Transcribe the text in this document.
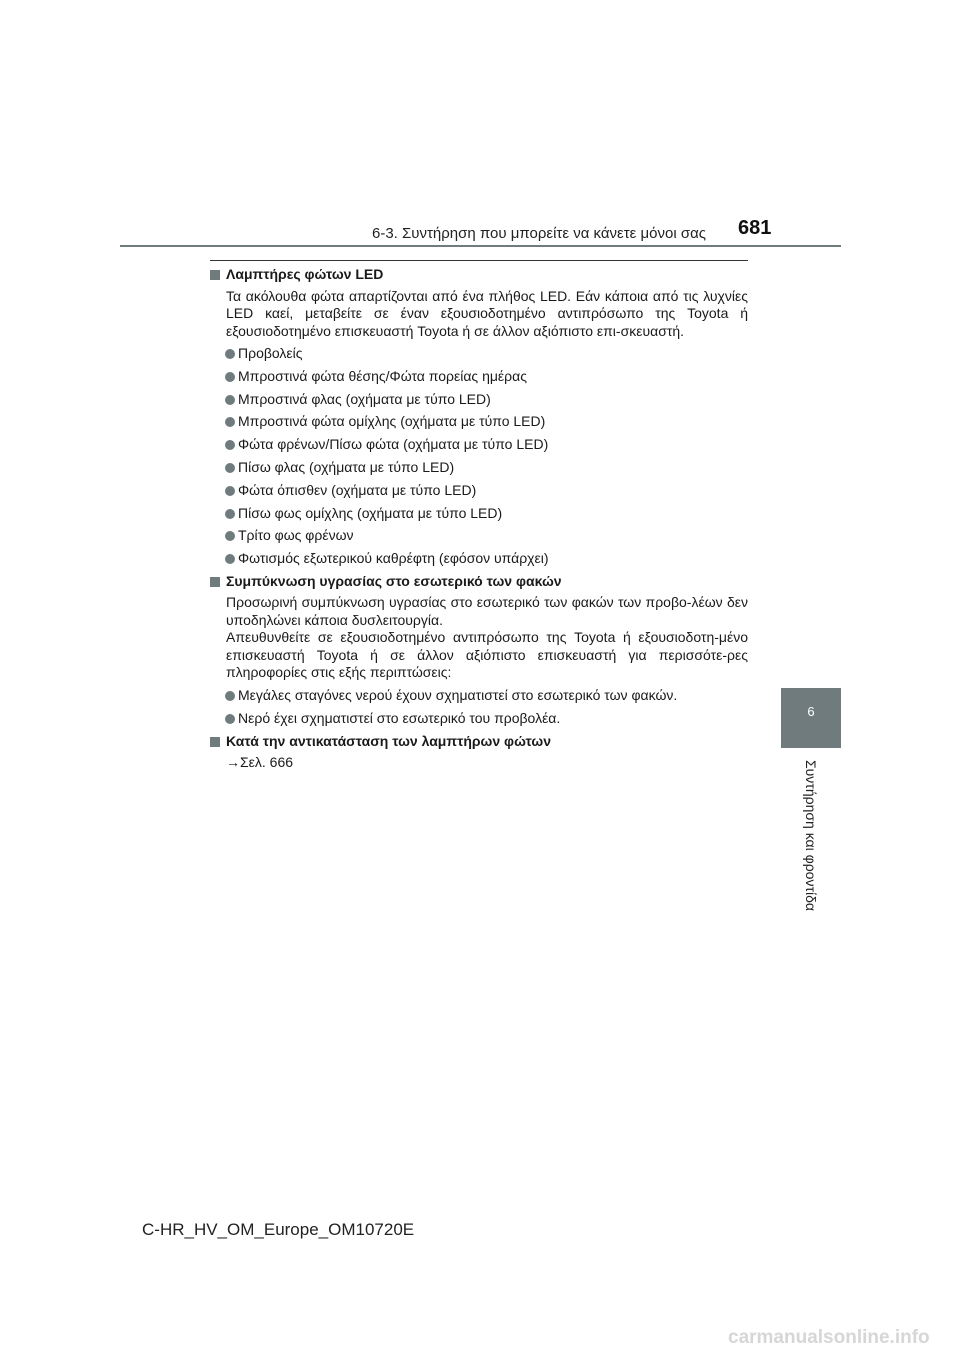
6-3. Συντήρηση που μπορείτε να κάνετε μόνοι σας 681
6
Συντήρηση και φροντίδα
Λαμπτήρες φώτων LED
Τα ακόλουθα φώτα απαρτίζονται από ένα πλήθος LED. Εάν κάποια από τις λυχνίες LED καεί, μεταβείτε σε έναν εξουσιοδοτημένο αντιπρόσωπο της Toyota ή εξουσιοδοτημένο επισκευαστή Toyota ή σε άλλον αξιόπιστο επι-σκευαστή.
Προβολείς
Μπροστινά φώτα θέσης/Φώτα πορείας ημέρας
Μπροστινά φλας (οχήματα με τύπο LED)
Μπροστινά φώτα ομίχλης (οχήματα με τύπο LED)
Φώτα φρένων/Πίσω φώτα (οχήματα με τύπο LED)
Πίσω φλας (οχήματα με τύπο LED)
Φώτα όπισθεν (οχήματα με τύπο LED)
Πίσω φως ομίχλης (οχήματα με τύπο LED)
Τρίτο φως φρένων
Φωτισμός εξωτερικού καθρέφτη (εφόσον υπάρχει)
Συμπύκνωση υγρασίας στο εσωτερικό των φακών
Προσωρινή συμπύκνωση υγρασίας στο εσωτερικό των φακών των προβο-λέων δεν υποδηλώνει κάποια δυσλειτουργία.
Απευθυνθείτε σε εξουσιοδοτημένο αντιπρόσωπο της Toyota ή εξουσιοδοτη-μένο επισκευαστή Toyota ή σε άλλον αξιόπιστο επισκευαστή για περισσότε-ρες πληροφορίες στις εξής περιπτώσεις:
Μεγάλες σταγόνες νερού έχουν σχηματιστεί στο εσωτερικό των φακών.
Νερό έχει σχηματιστεί στο εσωτερικό του προβολέα.
Κατά την αντικατάσταση των λαμπτήρων φώτων
→Σελ. 666
C-HR_HV_OM_Europe_OM10720E
carmanualsonline.info
